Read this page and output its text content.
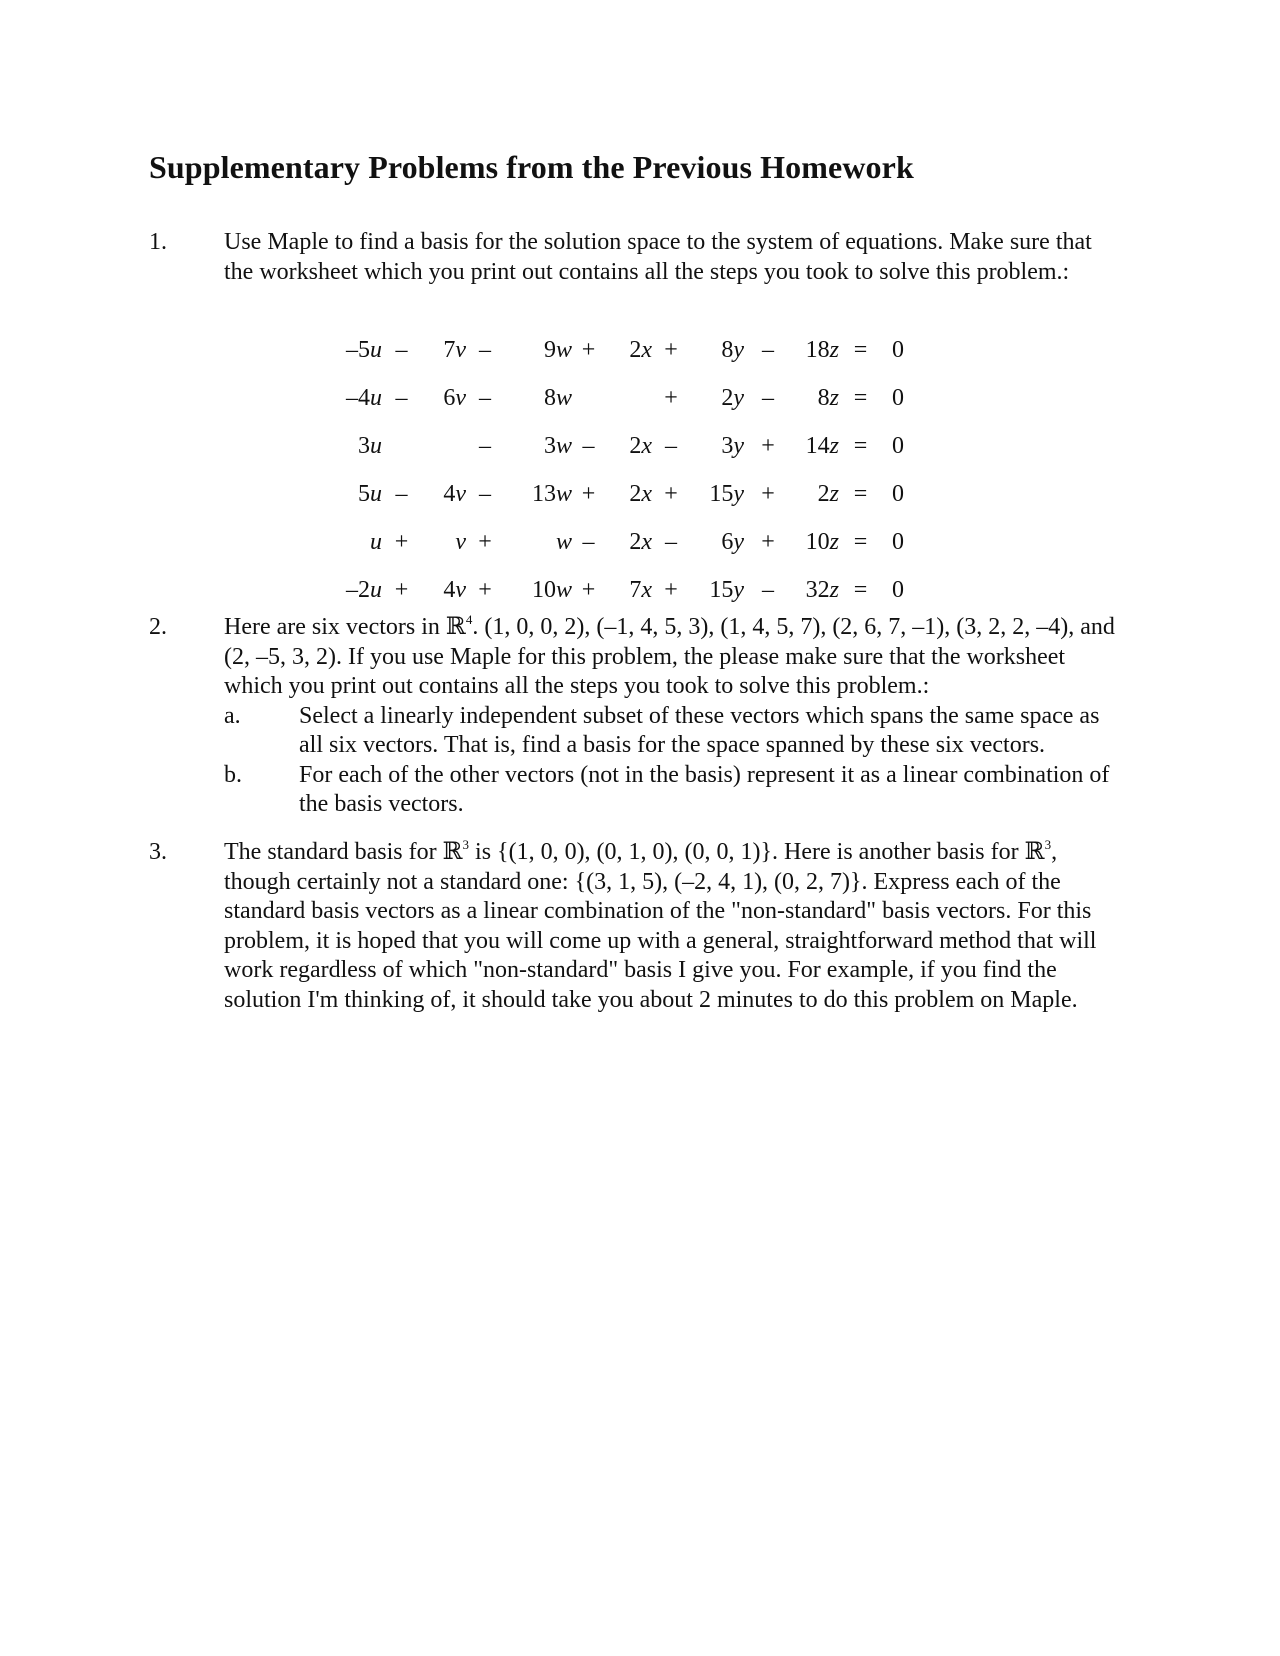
Supplementary Problems from the Previous Homework
1. Use Maple to find a basis for the solution space to the system of equations. Make sure that the worksheet which you print out contains all the steps you took to solve this problem.:

–5u	–	7v	–	9w	+	2x	+	8y	–	18z	=	0
–4u	–	6v	–	8w			+	2y	–	8z	=	0
3u			–	3w	–	2x	–	3y	+	14z	=	0
5u	–	4v	–	13w	+	2x	+	15y	+	2z	=	0
u	+	v	+	w	–	2x	–	6y	+	10z	=	0
–2u	+	4v	+	10w	+	7x	+	15y	–	32z	=	0
2. Here are six vectors in ℝ$^4$. (1, 0, 0, 2), (–1, 4, 5, 3), (1, 4, 5, 7), (2, 6, 7, –1), (3, 2, 2, –4), and (2, –5, 3, 2). If you use Maple for this problem, the please make sure that the worksheet which you print out contains all the steps you took to solve this problem.:

a. Select a linearly independent subset of these vectors which spans the same space as all six vectors. That is, find a basis for the space spanned by these six vectors.
b. For each of the other vectors (not in the basis) represent it as a linear combination of the basis vectors.
3. The standard basis for ℝ$^3$ is {(1, 0, 0), (0, 1, 0), (0, 0, 1)}. Here is another basis for ℝ$^3$, though certainly not a standard one: {(3, 1, 5), (–2, 4, 1), (0, 2, 7)}. Express each of the standard basis vectors as a linear combination of the "non-standard" basis vectors. For this problem, it is hoped that you will come up with a general, straightforward method that will work regardless of which "non-standard" basis I give you. For example, if you find the solution I'm thinking of, it should take you about 2 minutes to do this problem on Maple.
